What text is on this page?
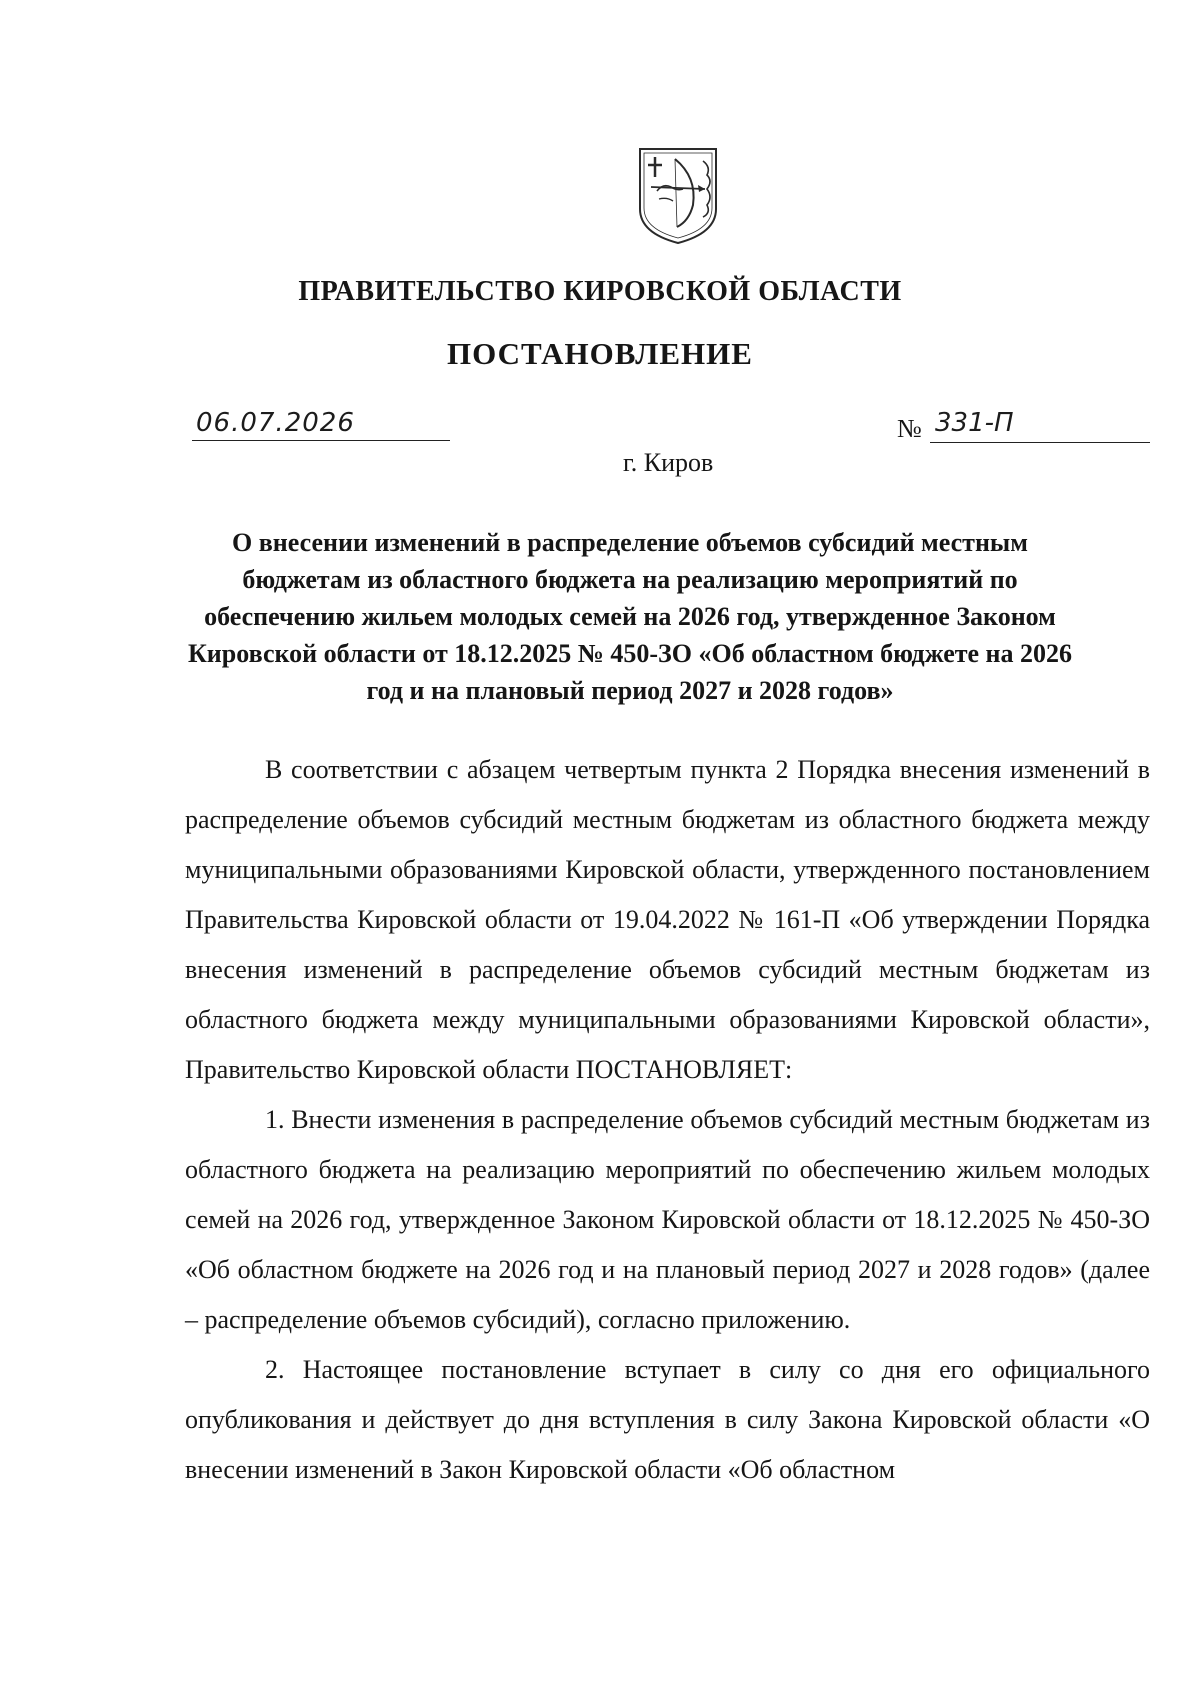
ПРАВИТЕЛЬСТВО КИРОВСКОЙ ОБЛАСТИ
ПОСТАНОВЛЕНИЕ
06.07.2026	№ 331-П
г. Киров

О внесении изменений в распределение объемов субсидий местным бюджетам из областного бюджета на реализацию мероприятий по обеспечению жильем молодых семей на 2026 год, утвержденное Законом Кировской области от 18.12.2025 № 450-ЗО «Об областном бюджете на 2026 год и на плановый период 2027 и 2028 годов»

В соответствии с абзацем четвертым пункта 2 Порядка внесения изменений в распределение объемов субсидий местным бюджетам из областного бюджета между муниципальными образованиями Кировской области, утвержденного постановлением Правительства Кировской области от 19.04.2022 № 161-П «Об утверждении Порядка внесения изменений в распределение объемов субсидий местным бюджетам из областного бюджета между муниципальными образованиями Кировской области», Правительство Кировской области ПОСТАНОВЛЯЕТ:

1. Внести изменения в распределение объемов субсидий местным бюджетам из областного бюджета на реализацию мероприятий по обеспечению жильем молодых семей на 2026 год, утвержденное Законом Кировской области от 18.12.2025 № 450-ЗО «Об областном бюджете на 2026 год и на плановый период 2027 и 2028 годов» (далее – распределение объемов субсидий), согласно приложению.

2. Настоящее постановление вступает в силу со дня его официального опубликования и действует до дня вступления в силу Закона Кировской области «О внесении изменений в Закон Кировской области «Об областном
